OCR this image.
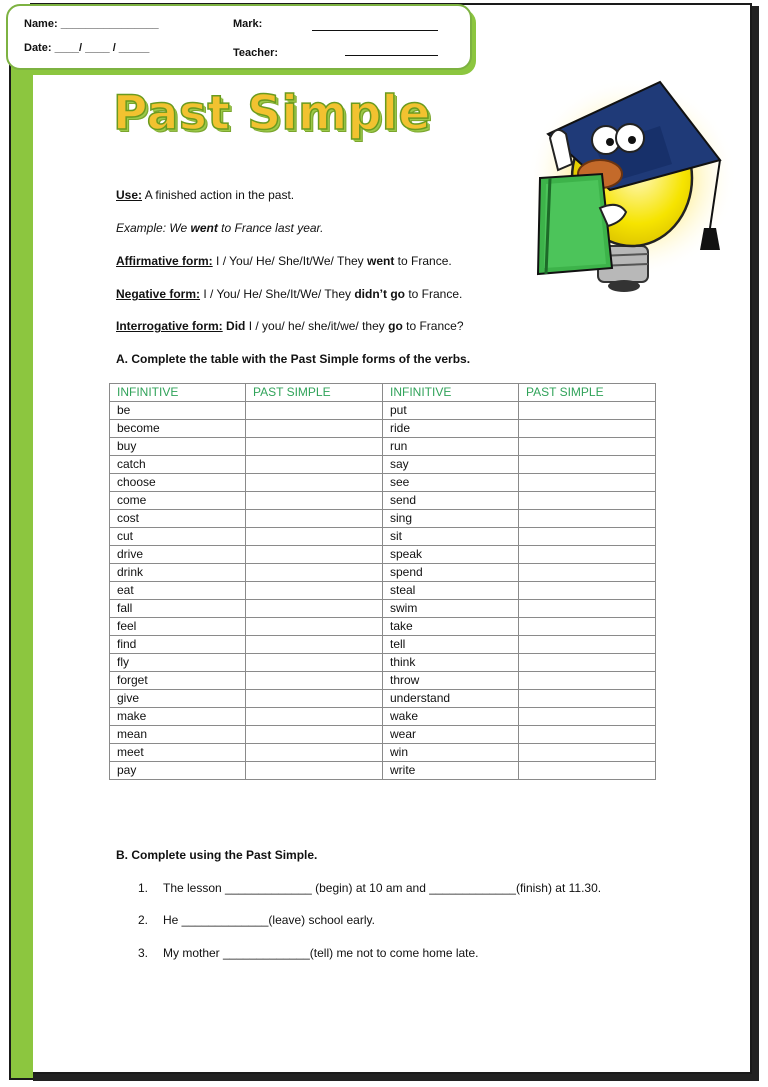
Name: ________________
Date: ____/ ____ / _____
Mark:
Teacher:
Past Simple
Use: A finished action in the past.
Example: We went to France last year.
Affirmative form: I / You/ He/ She/It/We/ They went to France.
Negative form: I / You/ He/ She/It/We/ They didn’t go to France.
Interrogative form: Did I / you/ he/ she/it/we/ they go to France?
A. Complete the table with the Past Simple forms of the verbs.
INFINITIVE	PAST SIMPLE	INFINITIVE	PAST SIMPLE
be		put	
become		ride	
buy		run	
catch		say	
choose		see	
come		send	
cost		sing	
cut		sit	
drive		speak	
drink		spend	
eat		steal	
fall		swim	
feel		take	
find		tell	
fly		think	
forget		throw	
give		understand	
make		wake	
mean		wear	
meet		win	
pay		write	
B. Complete using the Past Simple.
1. The lesson _____________ (begin) at 10 am and _____________(finish) at 11.30.
2. He _____________(leave) school early.
3. My mother _____________(tell) me not to come home late.
